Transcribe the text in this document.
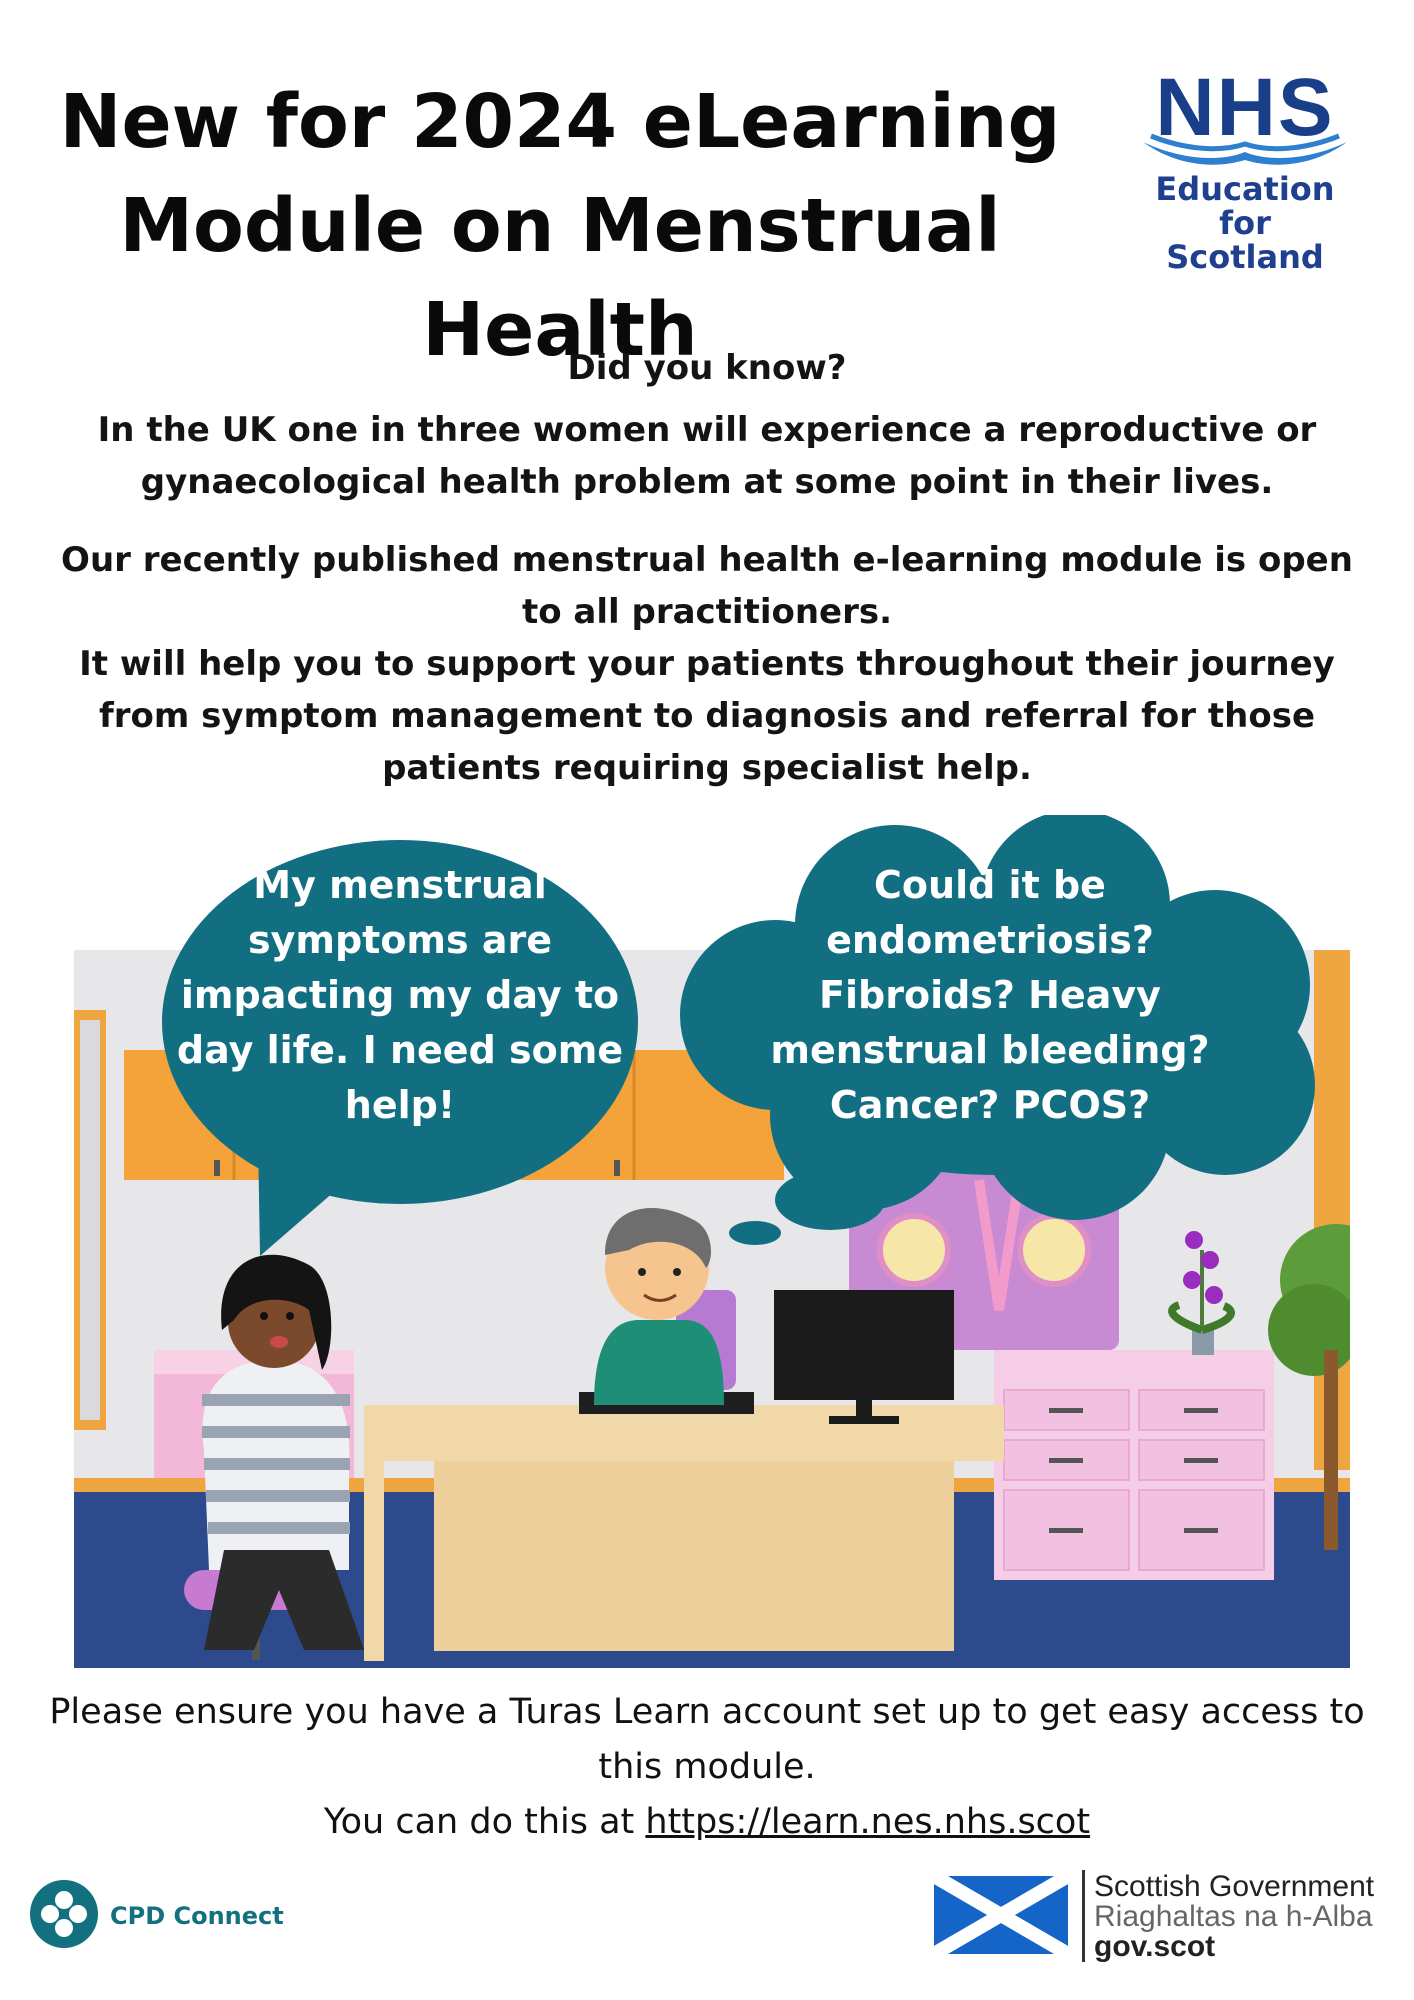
New for 2024 eLearning
Module on Menstrual Health
NHS
Education
for
Scotland
Did you know?
In the UK one in three women will experience a reproductive or
gynaecological health problem at some point in their lives.
Our recently published menstrual health e-learning module is open
to all practitioners.
It will help you to support your patients throughout their journey
from symptom management to diagnosis and referral for those
patients requiring specialist help.
My menstrual
symptoms are
impacting my day to
day life. I need some
help!
Could it be
endometriosis?
Fibroids? Heavy
menstrual bleeding?
Cancer? PCOS?
Please ensure you have a Turas Learn account set up to get easy access to
this module.
You can do this at https://learn.nes.nhs.scot
CPD Connect
Scottish Government
Riaghaltas na h-Alba
gov.scot
